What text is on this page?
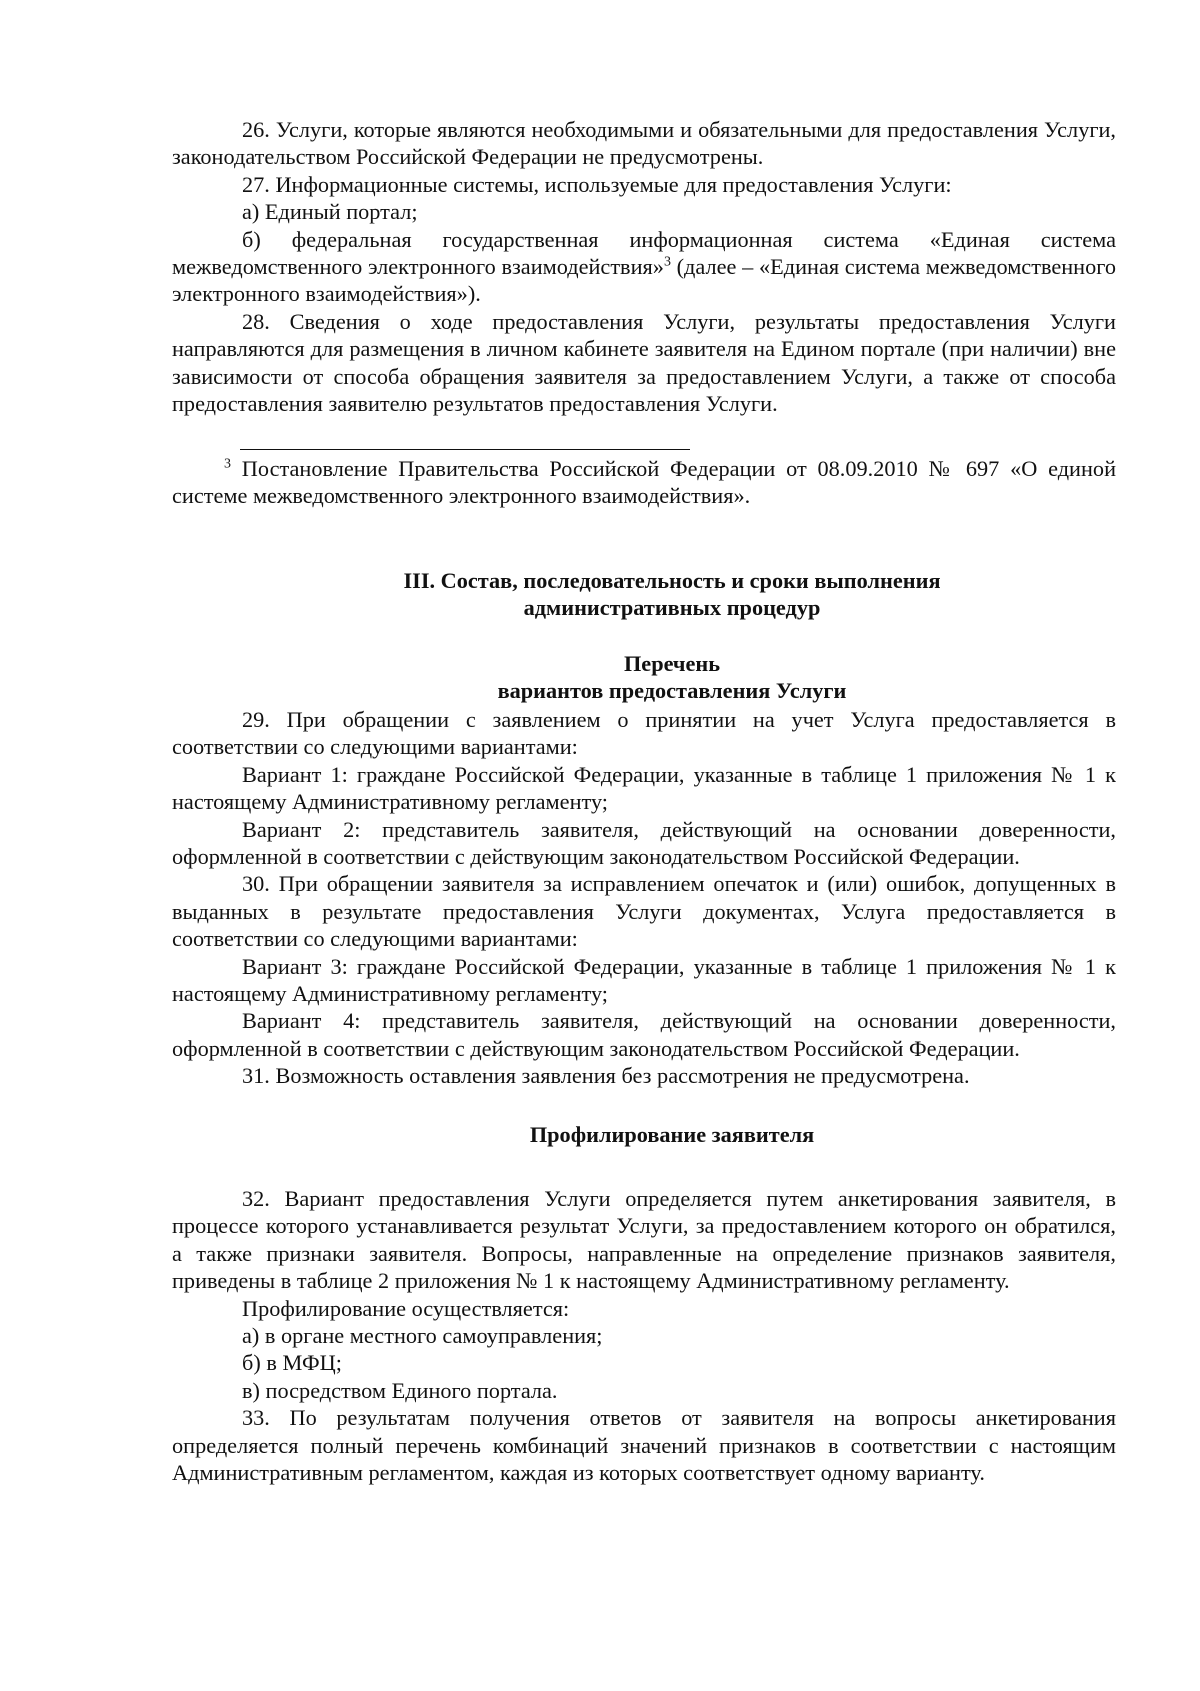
26. Услуги, которые являются необходимыми и обязательными для предоставления Услуги, законодательством Российской Федерации не предусмотрены.

27. Информационные системы, используемые для предоставления Услуги:

а) Единый портал;

б) федеральная государственная информационная система «Единая система межведомственного электронного взаимодействия»$^3$ (далее – «Единая система межведомственного электронного взаимодействия»).

28. Сведения о ходе предоставления Услуги, результаты предоставления Услуги направляются для размещения в личном кабинете заявителя на Едином портале (при наличии) вне зависимости от способа обращения заявителя за предоставлением Услуги, а также от способа предоставления заявителю результатов предоставления Услуги.

$^3$ Постановление Правительства Российской Федерации от 08.09.2010 № 697 «О единой системе межведомственного электронного взаимодействия».

III. Состав, последовательность и сроки выполнения
административных процедур
Перечень
вариантов предоставления Услуги

29. При обращении с заявлением о принятии на учет Услуга предоставляется в соответствии со следующими вариантами:

Вариант 1: граждане Российской Федерации, указанные в таблице 1 приложения № 1 к настоящему Административному регламенту;

Вариант 2: представитель заявителя, действующий на основании доверенности, оформленной в соответствии с действующим законодательством Российской Федерации.

30. При обращении заявителя за исправлением опечаток и (или) ошибок, допущенных в выданных в результате предоставления Услуги документах, Услуга предоставляется в соответствии со следующими вариантами:

Вариант 3: граждане Российской Федерации, указанные в таблице 1 приложения № 1 к настоящему Административному регламенту;

Вариант 4: представитель заявителя, действующий на основании доверенности, оформленной в соответствии с действующим законодательством Российской Федерации.

31. Возможность оставления заявления без рассмотрения не предусмотрена.

Профилирование заявителя

32. Вариант предоставления Услуги определяется путем анкетирования заявителя, в процессе которого устанавливается результат Услуги, за предоставлением которого он обратился, а также признаки заявителя. Вопросы, направленные на определение признаков заявителя, приведены в таблице 2 приложения № 1 к настоящему Административному регламенту.

Профилирование осуществляется:

а) в органе местного самоуправления;

б) в МФЦ;

в) посредством Единого портала.

33. По результатам получения ответов от заявителя на вопросы анкетирования определяется полный перечень комбинаций значений признаков в соответствии с настоящим Административным регламентом, каждая из которых соответствует одному варианту.
